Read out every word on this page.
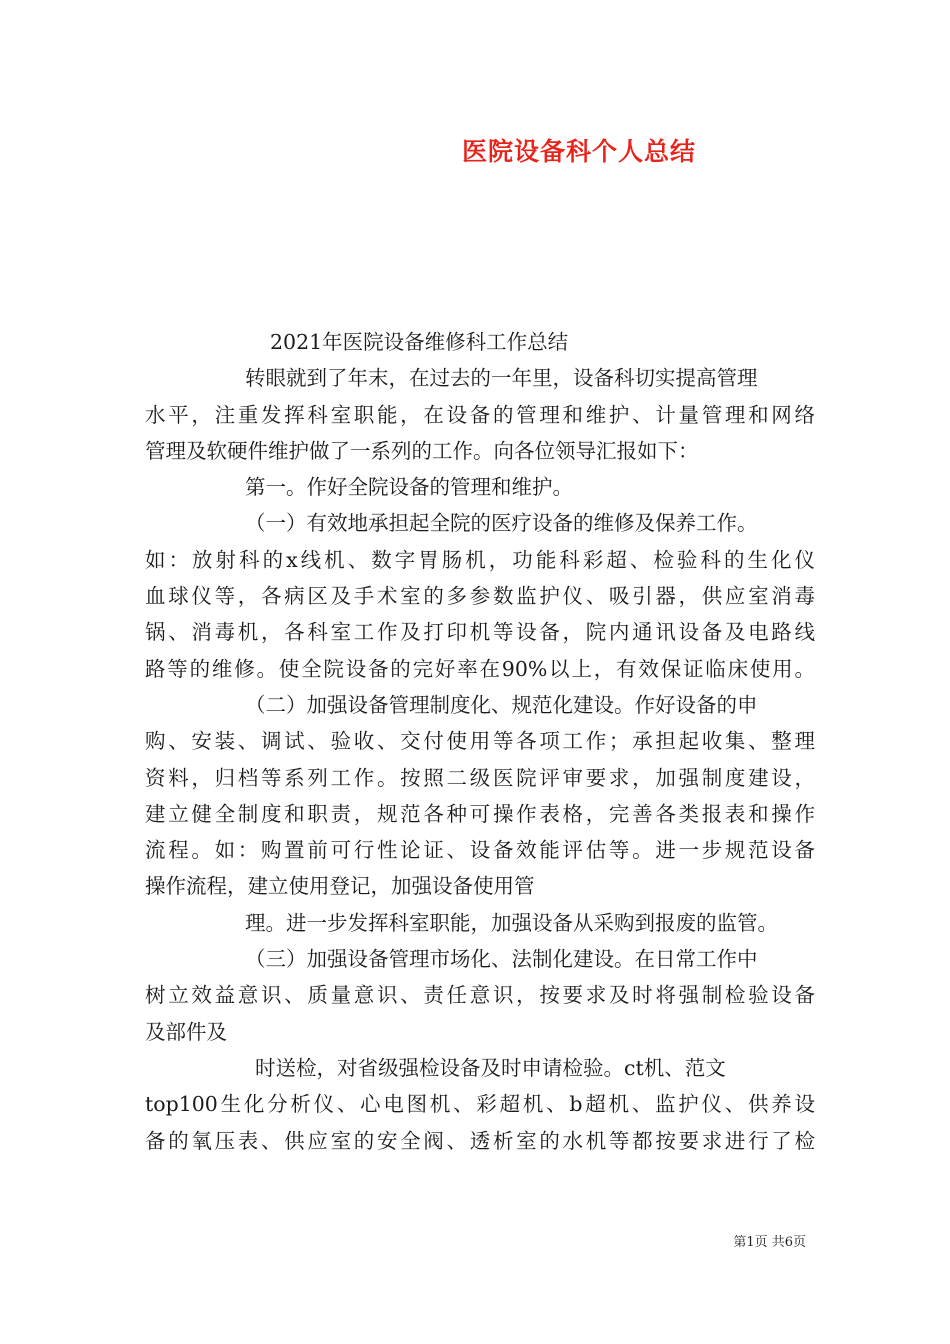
医院设备科个人总结

2021年医院设备维修科工作总结

转眼就到了年末，在过去的一年里，设备科切实提高管理

水平，注重发挥科室职能，在设备的管理和维护、计量管理和网络

管理及软硬件维护做了一系列的工作。向各位领导汇报如下：

第一。作好全院设备的管理和维护。

（一）有效地承担起全院的医疗设备的维修及保养工作。

如：放射科的x线机、数字胃肠机，功能科彩超、检验科的生化仪

血球仪等，各病区及手术室的多参数监护仪、吸引器，供应室消毒

锅、消毒机，各科室工作及打印机等设备，院内通讯设备及电路线

路等的维修。使全院设备的完好率在90%以上，有效保证临床使用。

（二）加强设备管理制度化、规范化建设。作好设备的申

购、安装、调试、验收、交付使用等各项工作；承担起收集、整理

资料，归档等系列工作。按照二级医院评审要求，加强制度建设，

建立健全制度和职责，规范各种可操作表格，完善各类报表和操作

流程。如：购置前可行性论证、设备效能评估等。进一步规范设备

操作流程，建立使用登记，加强设备使用管

理。进一步发挥科室职能，加强设备从采购到报废的监管。

（三）加强设备管理市场化、法制化建设。在日常工作中

树立效益意识、质量意识、责任意识，按要求及时将强制检验设备

及部件及

时送检，对省级强检设备及时申请检验。ct机、范文

top100生化分析仪、心电图机、彩超机、b超机、监护仪、供养设

备的氧压表、供应室的安全阀、透析室的水机等都按要求进行了检

第1页 共6页
